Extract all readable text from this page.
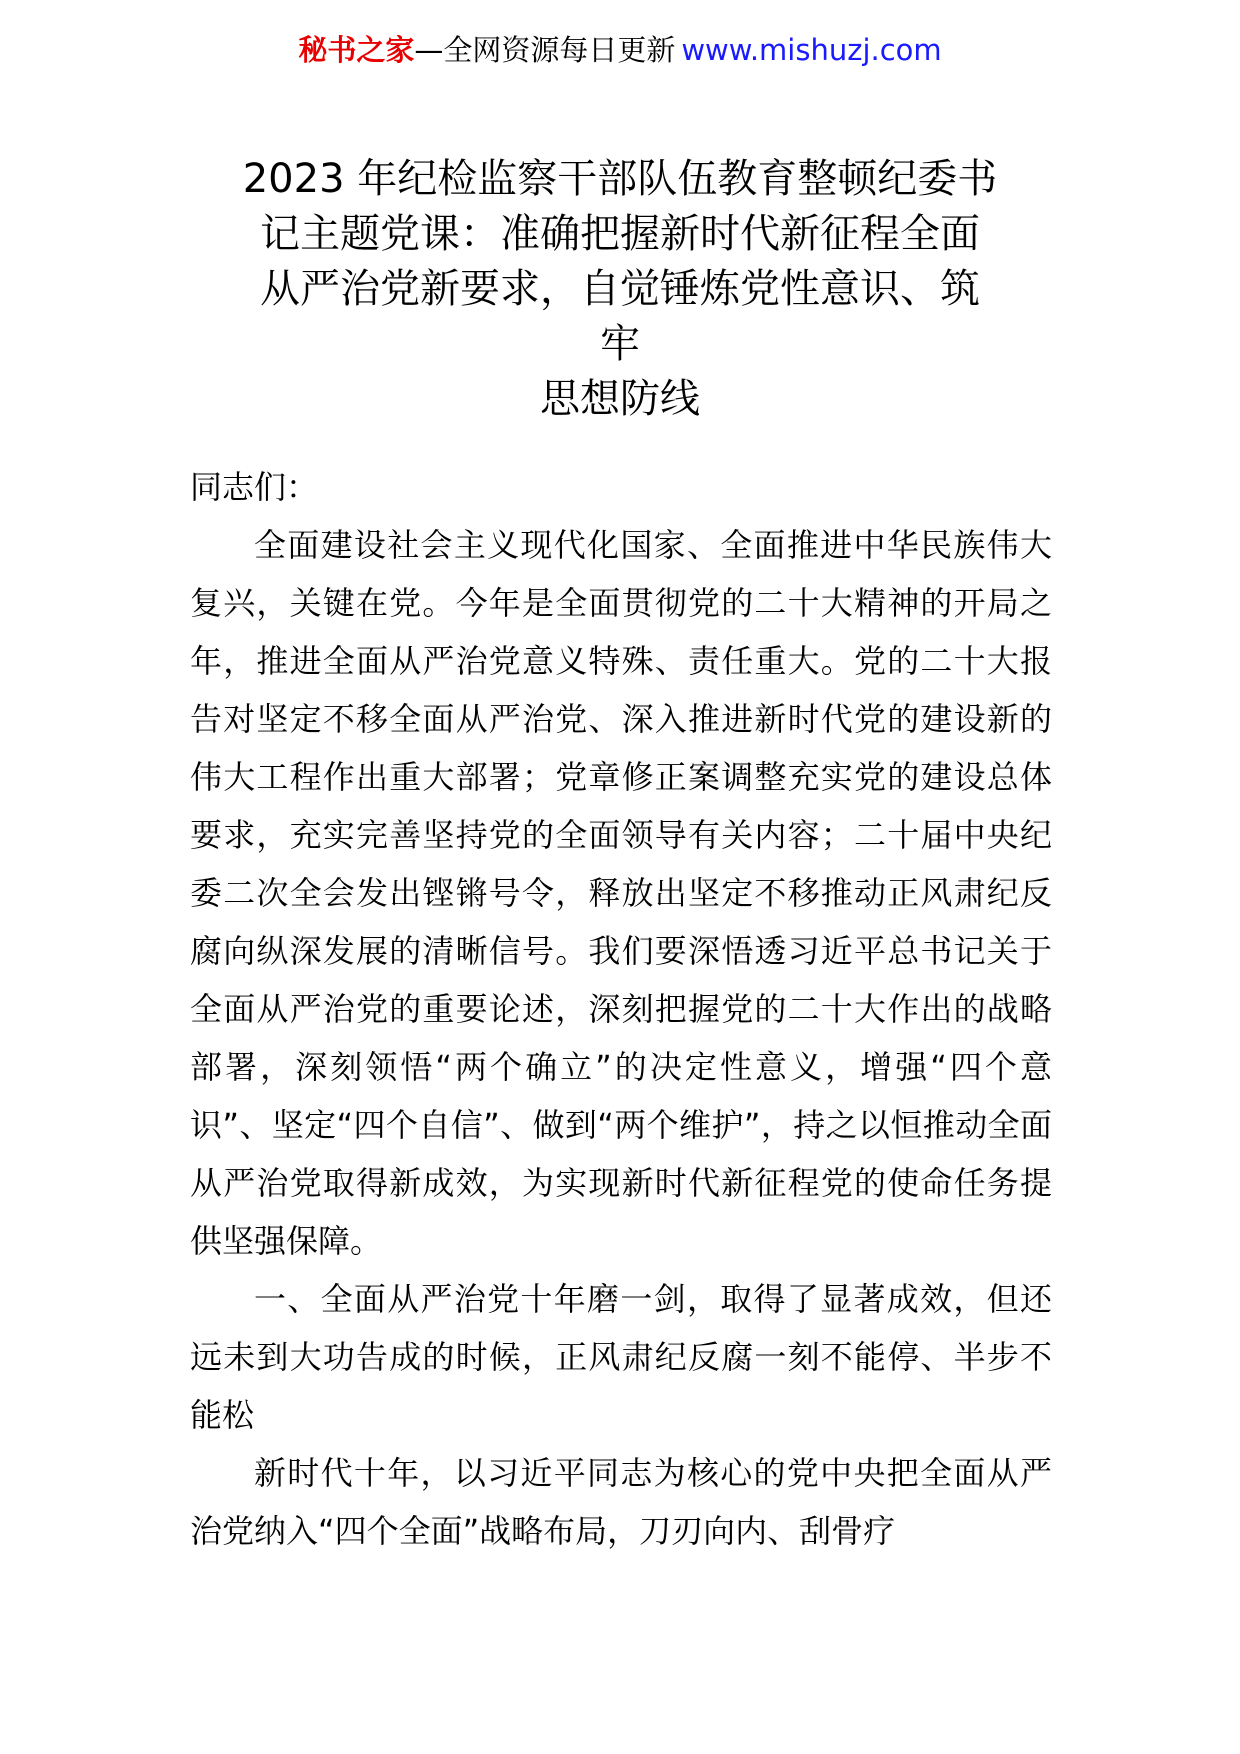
秘书之家—全网资源每日更新 www.mishuzj.com
2023 年纪检监察干部队伍教育整顿纪委书
记主题党课：准确把握新时代新征程全面
从严治党新要求，自觉锤炼党性意识、筑
牢
思想防线
同志们：

全面建设社会主义现代化国家、全面推进中华民族伟大复兴，关键在党。今年是全面贯彻党的二十大精神的开局之年，推进全面从严治党意义特殊、责任重大。党的二十大报告对坚定不移全面从严治党、深入推进新时代党的建设新的伟大工程作出重大部署；党章修正案调整充实党的建设总体要求，充实完善坚持党的全面领导有关内容；二十届中央纪委二次全会发出铿锵号令，释放出坚定不移推动正风肃纪反腐向纵深发展的清晰信号。我们要深悟透习近平总书记关于全面从严治党的重要论述，深刻把握党的二十大作出的战略部署，深刻领悟“两个确立”的决定性意义，增强“四个意识”、坚定“四个自信”、做到“两个维护”，持之以恒推动全面从严治党取得新成效，为实现新时代新征程党的使命任务提供坚强保障。

一、全面从严治党十年磨一剑，取得了显著成效，但还远未到大功告成的时候，正风肃纪反腐一刻不能停、半步不能松

新时代十年，以习近平同志为核心的党中央把全面从严治党纳入“四个全面”战略布局，刀刃向内、刮骨疗
